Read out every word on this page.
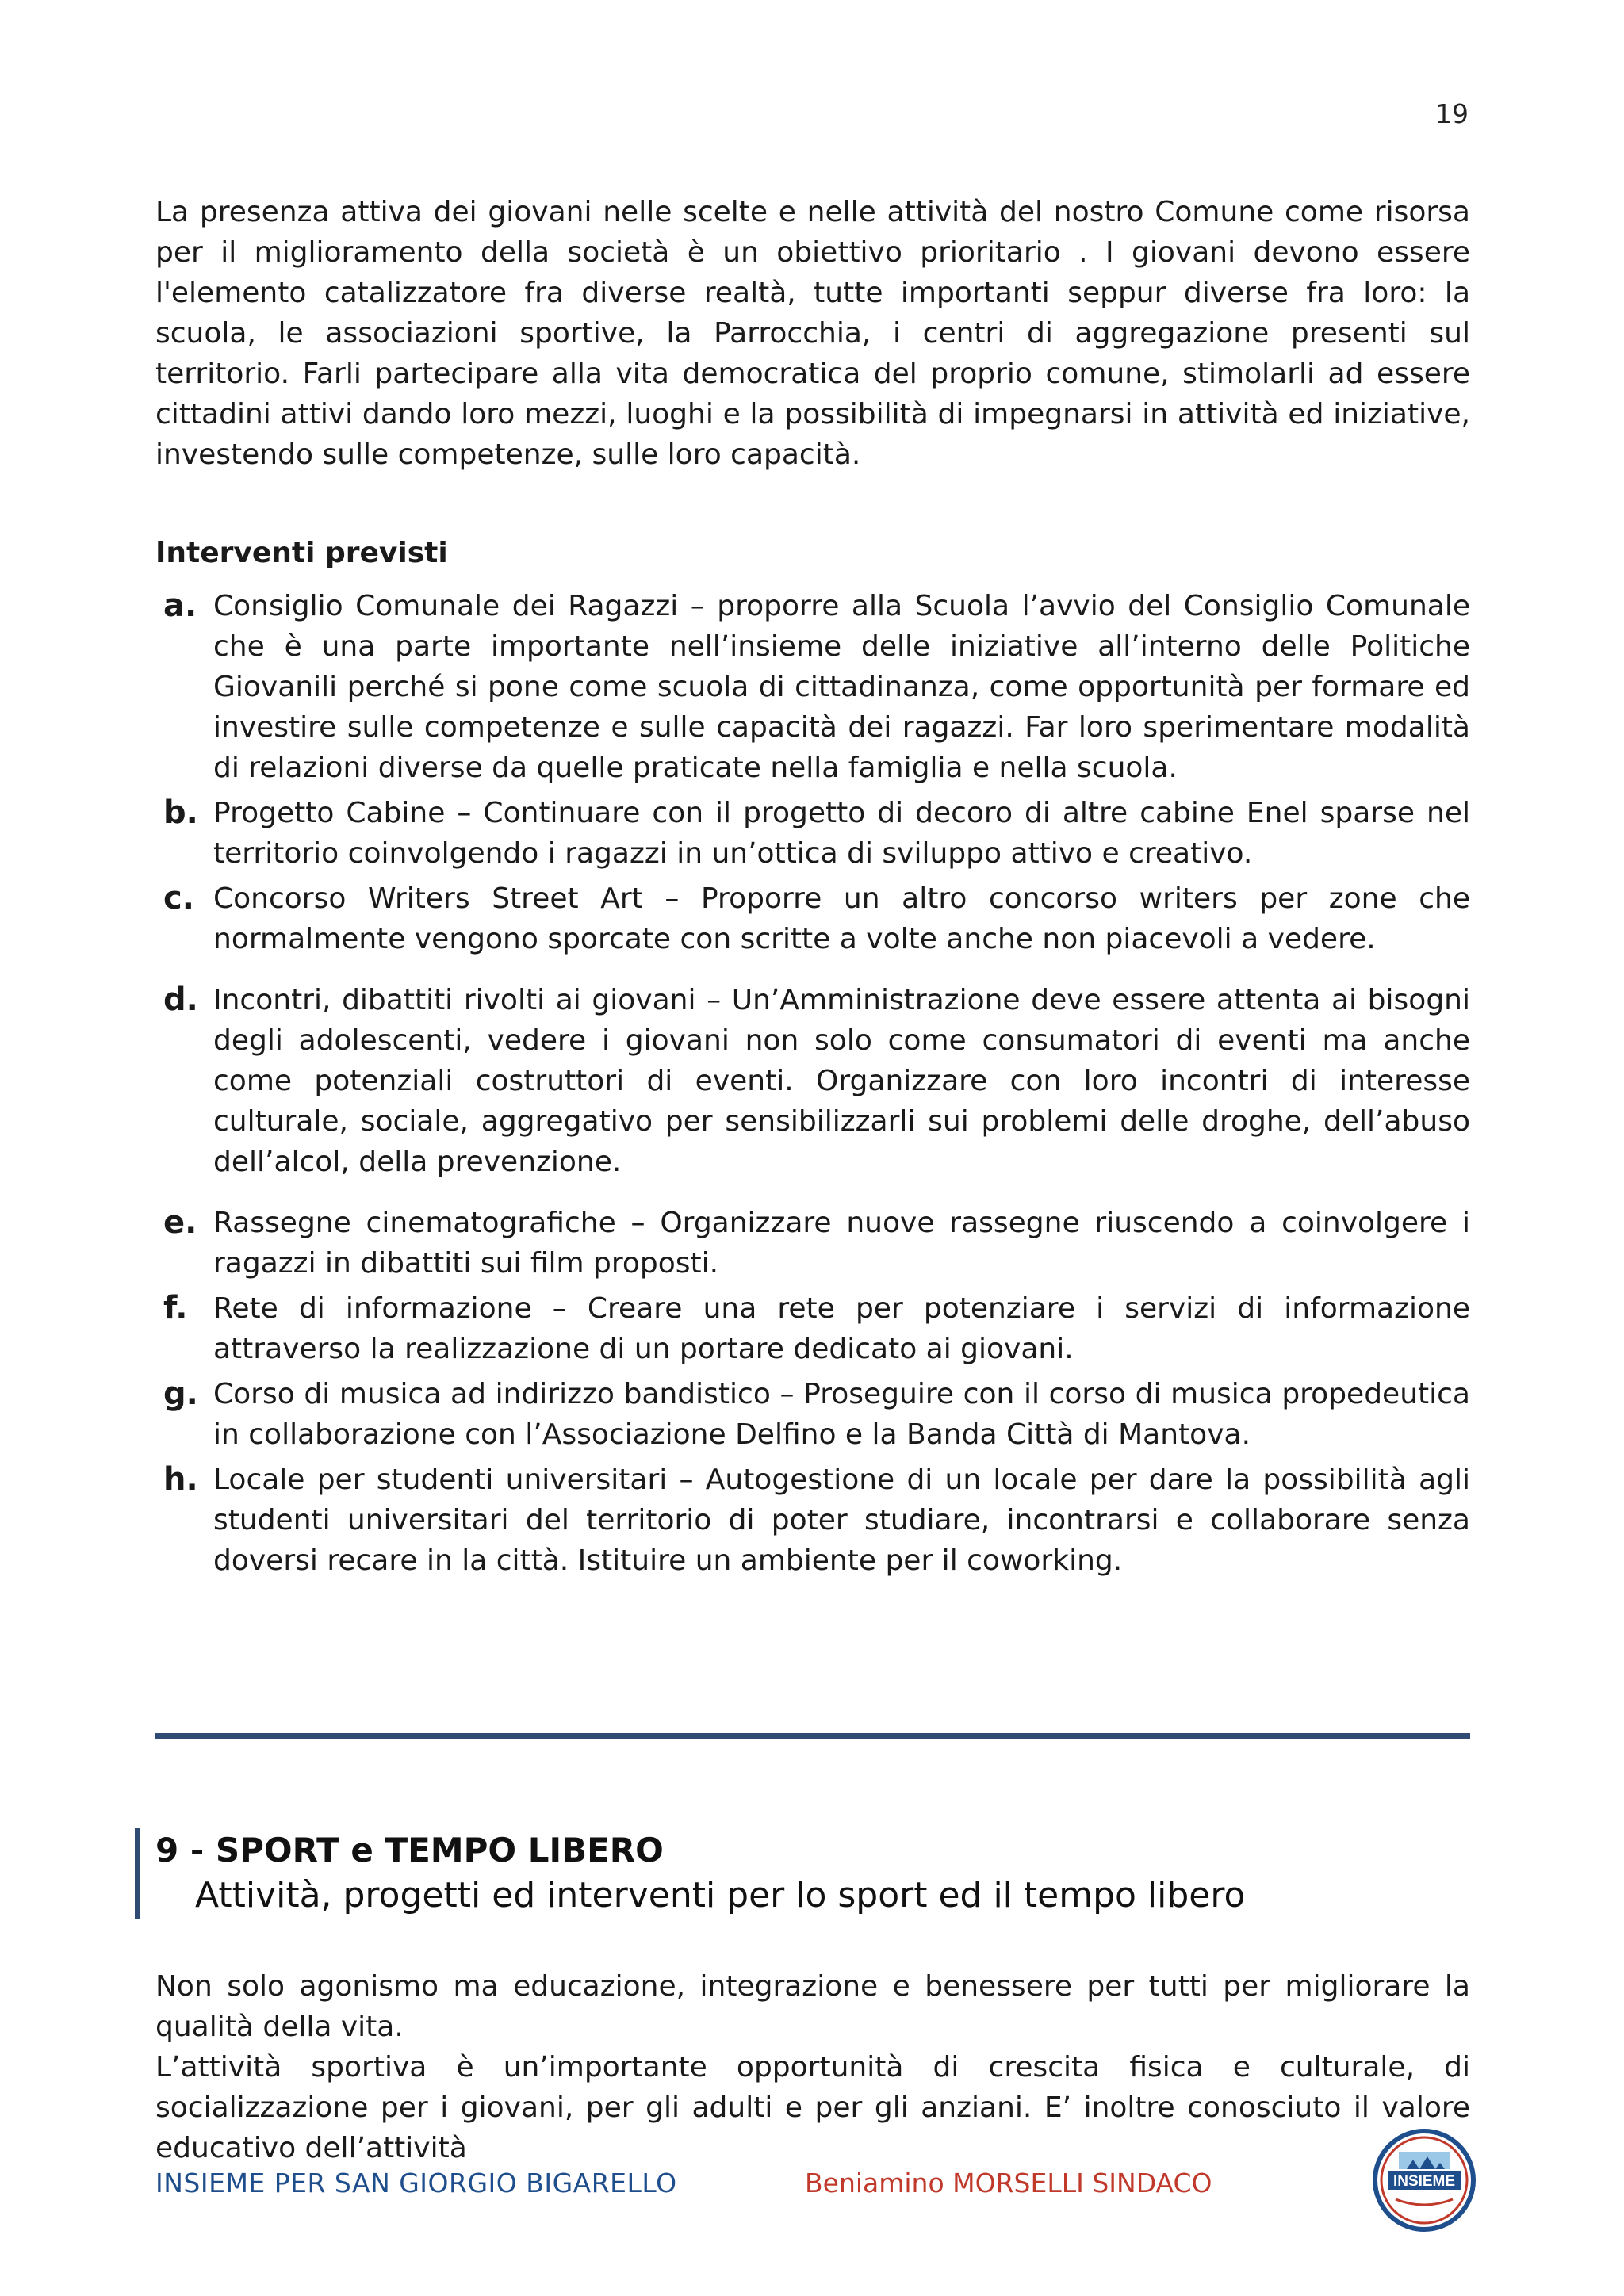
19

La presenza attiva dei giovani nelle scelte e nelle attività del nostro Comune come risorsa per il miglioramento della società è un obiettivo prioritario . I giovani devono essere l'elemento catalizzatore fra diverse realtà, tutte importanti seppur diverse fra loro: la scuola, le associazioni sportive, la Parrocchia, i centri di aggregazione presenti sul territorio. Farli partecipare alla vita democratica del proprio comune, stimolarli ad essere cittadini attivi dando loro mezzi, luoghi e la possibilità di impegnarsi in attività ed iniziative, investendo sulle competenze, sulle loro capacità.

Interventi previsti
a. Consiglio Comunale dei Ragazzi – proporre alla Scuola l’avvio del Consiglio Comunale che è una parte importante nell’insieme delle iniziative all’interno delle Politiche Giovanili perché si pone come scuola di cittadinanza, come opportunità per formare ed investire sulle competenze e sulle capacità dei ragazzi. Far loro sperimentare modalità di relazioni diverse da quelle praticate nella famiglia e nella scuola.
b. Progetto Cabine – Continuare con il progetto di decoro di altre cabine Enel sparse nel territorio coinvolgendo i ragazzi in un’ottica di sviluppo attivo e creativo.
c. Concorso Writers Street Art – Proporre un altro concorso writers per zone che normalmente vengono sporcate con scritte a volte anche non piacevoli a vedere.
d. Incontri, dibattiti rivolti ai giovani – Un’Amministrazione deve essere attenta ai bisogni degli adolescenti, vedere i giovani non solo come consumatori di eventi ma anche come potenziali costruttori di eventi. Organizzare con loro incontri di interesse culturale, sociale, aggregativo per sensibilizzarli sui problemi delle droghe, dell’abuso dell’alcol, della prevenzione.
e. Rassegne cinematografiche – Organizzare nuove rassegne riuscendo a coinvolgere i ragazzi in dibattiti sui film proposti.
f. Rete di informazione – Creare una rete per potenziare i servizi di informazione attraverso la realizzazione di un portare dedicato ai giovani.
g. Corso di musica ad indirizzo bandistico – Proseguire con il corso di musica propedeutica in collaborazione con l’Associazione Delfino e la Banda Città di Mantova.
h. Locale per studenti universitari – Autogestione di un locale per dare la possibilità agli studenti universitari del territorio di poter studiare, incontrarsi e collaborare senza doversi recare in la città. Istituire un ambiente per il coworking.
9 - SPORT e TEMPO LIBERO
Attività, progetti ed interventi per lo sport ed il tempo libero

Non solo agonismo ma educazione, integrazione e benessere per tutti per migliorare la qualità della vita.

L’attività sportiva è un’importante opportunità di crescita fisica e culturale, di socializzazione per i giovani, per gli adulti e per gli anziani. E’ inoltre conosciuto il valore educativo dell’attività

INSIEME PER SAN GIORGIO BIGARELLO	Beniamino MORSELLI SINDACO	INSIEME
